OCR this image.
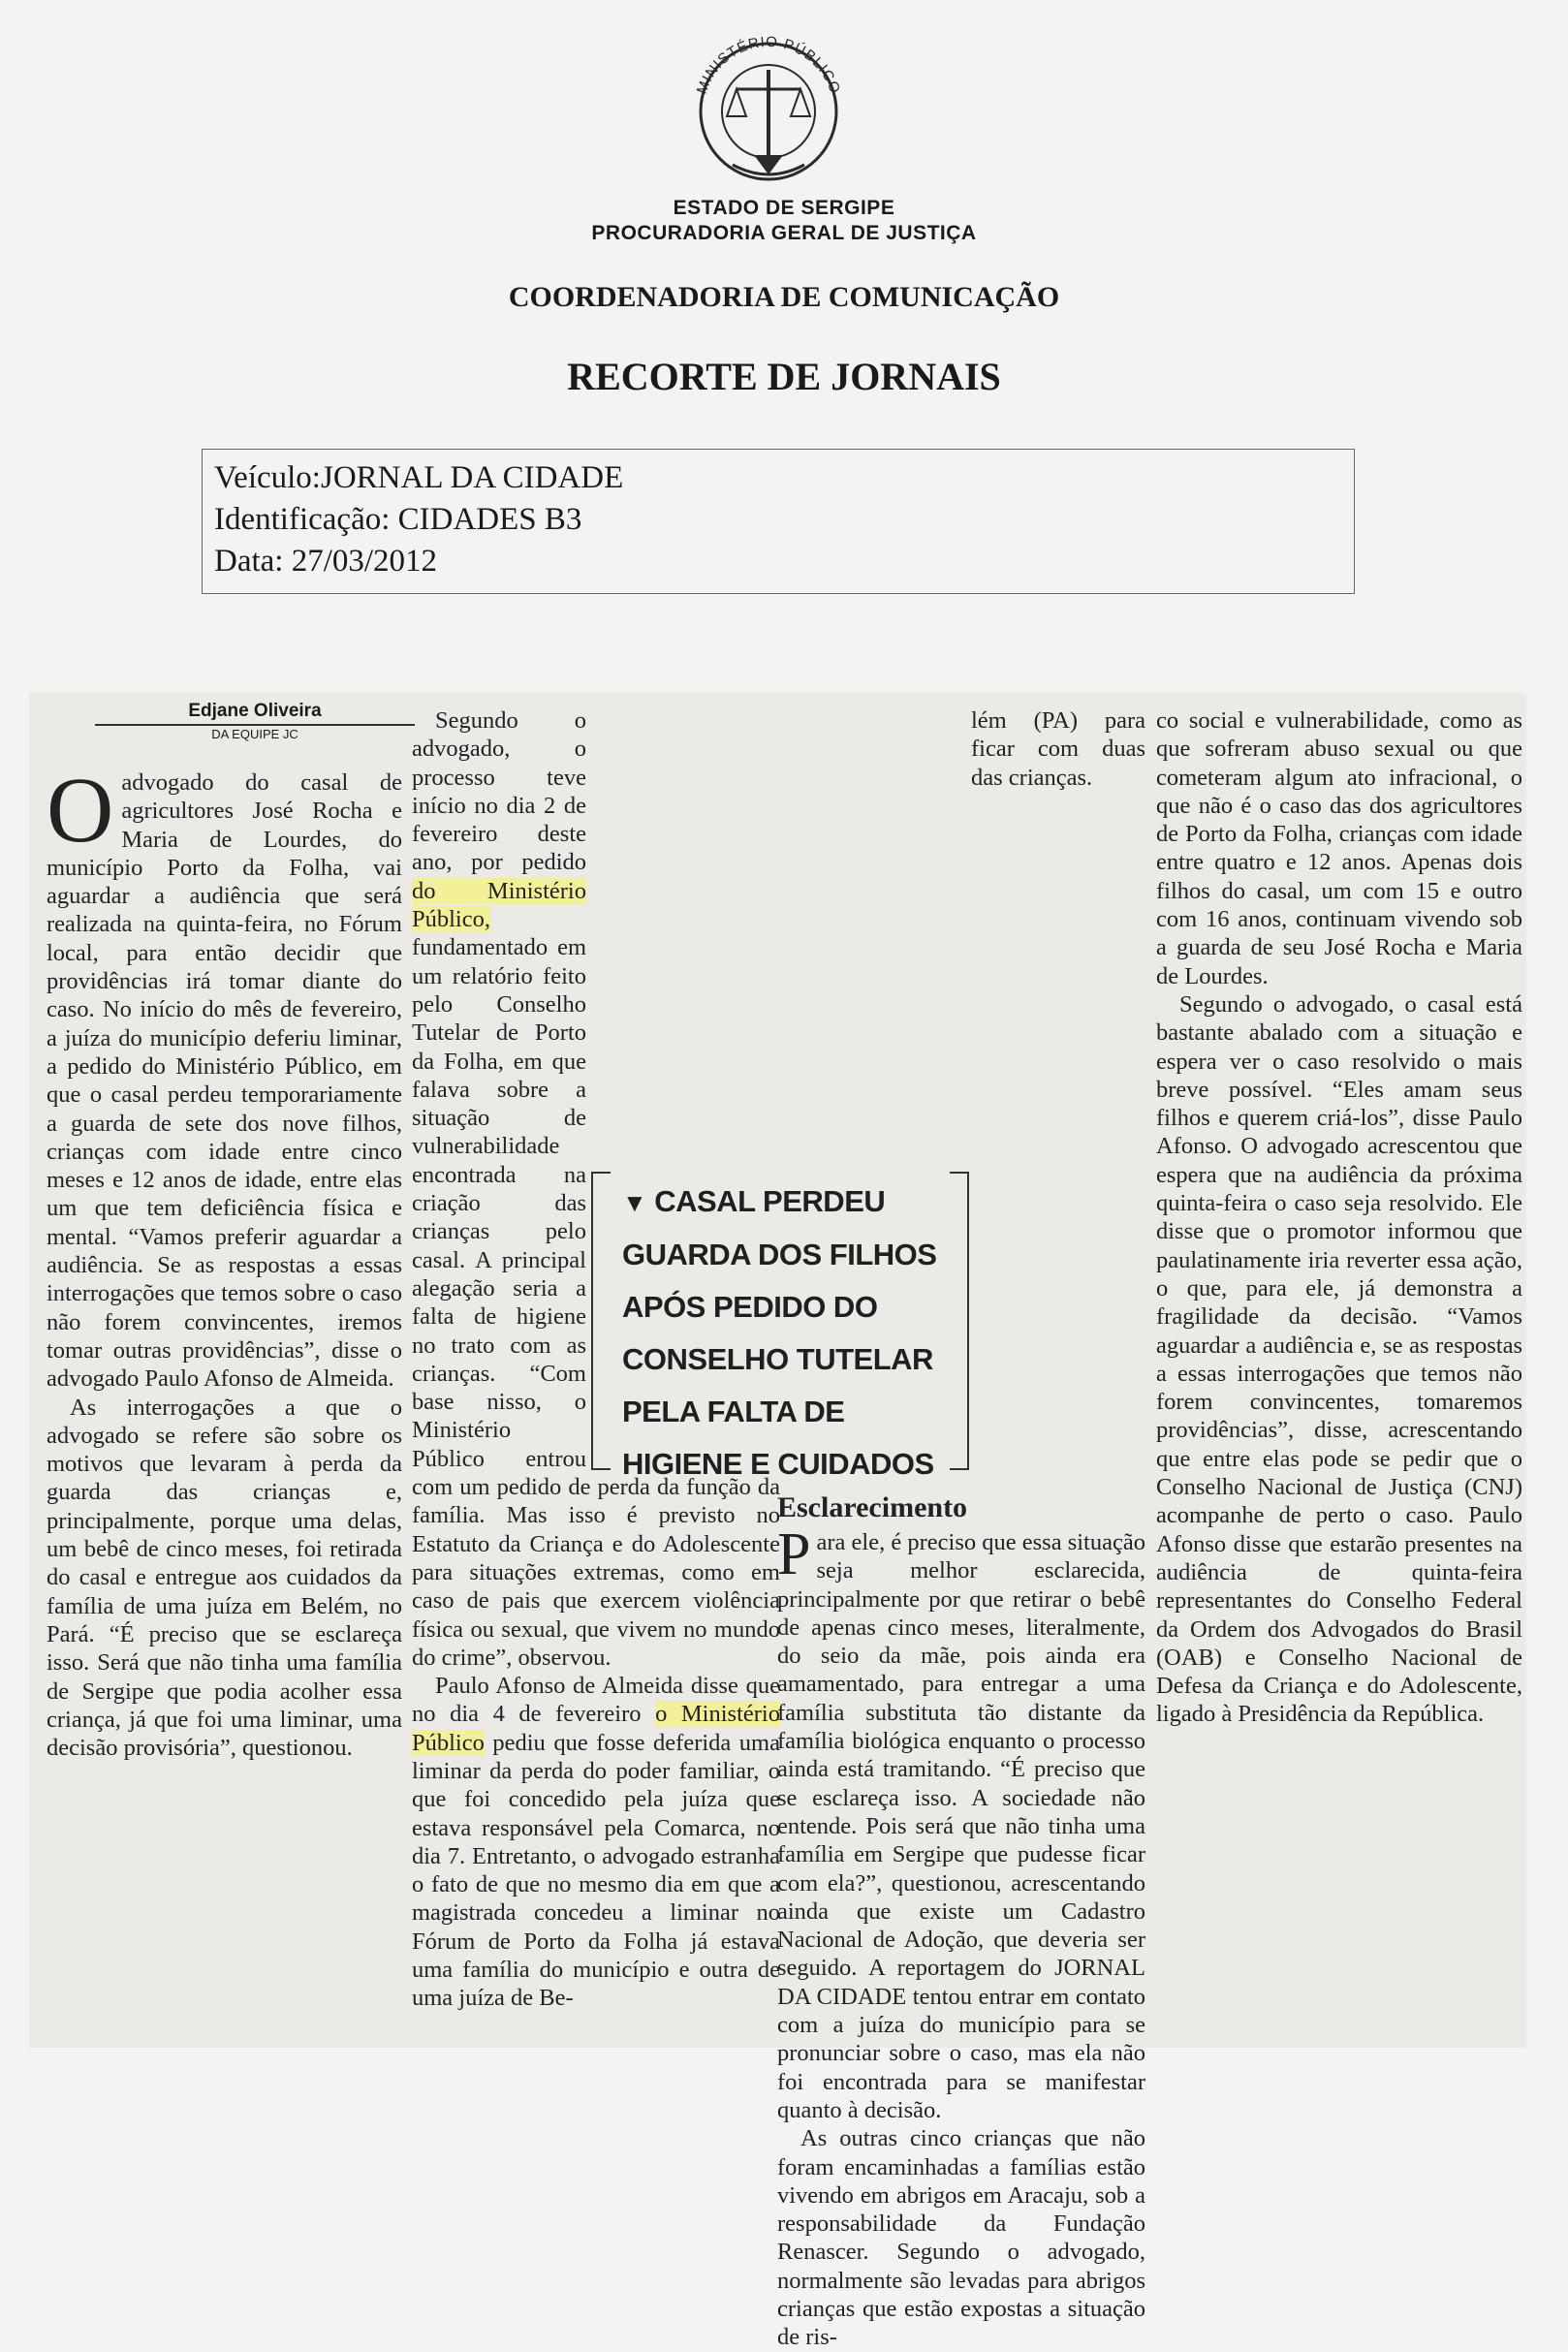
MINISTÉRIO PÚBLICO
ESTADO DE SERGIPE
PROCURADORIA GERAL DE JUSTIÇA
COORDENADORIA DE COMUNICAÇÃO
RECORTE DE JORNAIS
Veículo:JORNAL DA CIDADE
Identificação: CIDADES B3
Data: 27/03/2012
Edjane Oliveira
DA EQUIPE JC

Oadvogado do casal de agricultores José Rocha e Maria de Lourdes, do município Porto da Folha, vai aguardar a audiência que será realizada na quinta-feira, no Fórum local, para então decidir que providências irá tomar diante do caso. No início do mês de fevereiro, a juíza do município deferiu liminar, a pedido do Ministério Público, em que o casal perdeu temporariamente a guarda de sete dos nove filhos, crianças com idade entre cinco meses e 12 anos de idade, entre elas um que tem deficiência física e mental. “Vamos preferir aguardar a audiência. Se as respostas a essas interrogações que temos sobre o caso não forem convincentes, iremos tomar outras providências”, disse o advogado Paulo Afonso de Almeida.

As interrogações a que o advogado se refere são sobre os motivos que levaram à perda da guarda das crianças e, principalmente, porque uma delas, um bebê de cinco meses, foi retirada do casal e entregue aos cuidados da família de uma juíza em Belém, no Pará. “É preciso que se esclareça isso. Será que não tinha uma família de Sergipe que podia acolher essa criança, já que foi uma liminar, uma decisão provisória”, questionou.

Segundo o advogado, o processo teve início no dia 2 de fevereiro deste ano, por pedido do Ministério Público, fundamentado em um relatório feito pelo Conselho Tutelar de Porto da Folha, em que falava sobre a situação de vulnerabilidade encontrada na criação das crianças pelo casal. A principal alegação seria a falta de higiene no trato com as crianças. “Com base nisso, o Ministério Público entrou com um pedido de perda da função da família. Mas isso é previsto no Estatuto da Criança e do Adolescente para situações extremas, como em caso de pais que exercem violência física ou sexual, que vivem no mundo do crime”, observou.

Paulo Afonso de Almeida disse que no dia 4 de fevereiro o Ministério Público pediu que fosse deferida uma liminar da perda do poder familiar, o que foi concedido pela juíza que estava responsável pela Comarca, no dia 7. Entretanto, o advogado estranha o fato de que no mesmo dia em que a magistrada concedeu a liminar no Fórum de Porto da Folha já estava uma família do município e outra de uma juíza de Be-

lém (PA) para ficar com duas das crianças.

Esclarecimento

Para ele, é preciso que essa situação seja melhor esclarecida, principalmente por que retirar o bebê de apenas cinco meses, literalmente, do seio da mãe, pois ainda era amamentado, para entregar a uma família substituta tão distante da família biológica enquanto o processo ainda está tramitando. “É preciso que se esclareça isso. A sociedade não entende. Pois será que não tinha uma família em Sergipe que pudesse ficar com ela?”, questionou, acrescentando ainda que existe um Cadastro Nacional de Adoção, que deveria ser seguido. A reportagem do JORNAL DA CIDADE tentou entrar em contato com a juíza do município para se pronunciar sobre o caso, mas ela não foi encontrada para se manifestar quanto à decisão.

As outras cinco crianças que não foram encaminhadas a famílias estão vivendo em abrigos em Aracaju, sob a responsabilidade da Fundação Renascer. Segundo o advogado, normalmente são levadas para abrigos crianças que estão expostas a situação de ris-

co social e vulnerabilidade, como as que sofreram abuso sexual ou que cometeram algum ato infracional, o que não é o caso das dos agricultores de Porto da Folha, crianças com idade entre quatro e 12 anos. Apenas dois filhos do casal, um com 15 e outro com 16 anos, continuam vivendo sob a guarda de seu José Rocha e Maria de Lourdes.

Segundo o advogado, o casal está bastante abalado com a situação e espera ver o caso resolvido o mais breve possível. “Eles amam seus filhos e querem criá-los”, disse Paulo Afonso. O advogado acrescentou que espera que na audiência da próxima quinta-feira o caso seja resolvido. Ele disse que o promotor informou que paulatinamente iria reverter essa ação, o que, para ele, já demonstra a fragilidade da decisão. “Vamos aguardar a audiência e, se as respostas a essas interrogações que temos não forem convincentes, tomaremos providências”, disse, acrescentando que entre elas pode se pedir que o Conselho Nacional de Justiça (CNJ) acompanhe de perto o caso. Paulo Afonso disse que estarão presentes na audiência de quinta-feira representantes do Conselho Federal da Ordem dos Advogados do Brasil (OAB) e Conselho Nacional de Defesa da Criança e do Adolescente, ligado à Presidência da República.

▼ CASAL PERDEU GUARDA DOS FILHOS APÓS PEDIDO DO CONSELHO TUTELAR PELA FALTA DE HIGIENE E CUIDADOS
